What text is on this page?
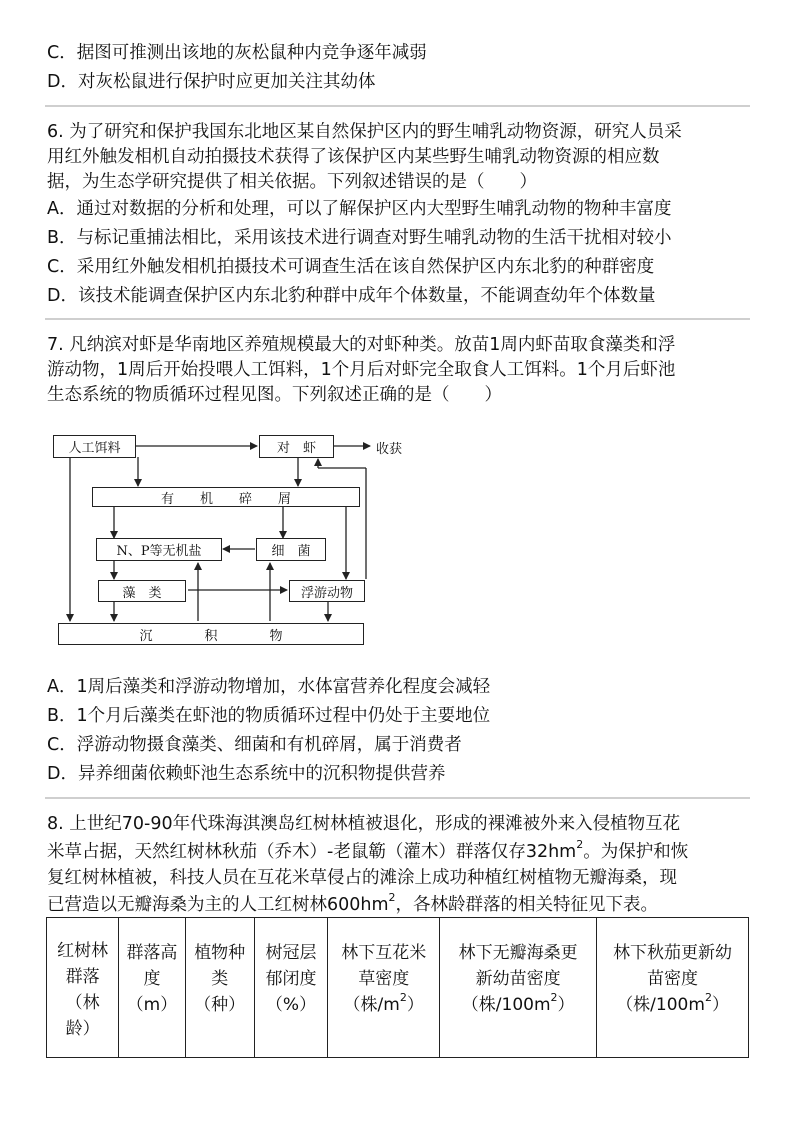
C．据图可推测出该地的灰松鼠种内竞争逐年减弱
D．对灰松鼠进行保护时应更加关注其幼体
6. 为了研究和保护我国东北地区某自然保护区内的野生哺乳动物资源，研究人员采
用红外触发相机自动拍摄技术获得了该保护区内某些野生哺乳动物资源的相应数
据，为生态学研究提供了相关依据。下列叙述错误的是（　　）
A．通过对数据的分析和处理，可以了解保护区内大型野生哺乳动物的物种丰富度
B．与标记重捕法相比，采用该技术进行调查对野生哺乳动物的生活干扰相对较小
C．采用红外触发相机拍摄技术可调查生活在该自然保护区内东北豹的种群密度
D．该技术能调查保护区内东北豹种群中成年个体数量，不能调查幼年个体数量
7. 凡纳滨对虾是华南地区养殖规模最大的对虾种类。放苗1周内虾苗取食藻类和浮
游动物，1周后开始投喂人工饵料，1个月后对虾完全取食人工饵料。1个月后虾池
生态系统的物质循环过程见图。下列叙述正确的是（　　）
人工饵料	对　虾	收获
有　　机　　碎　　屑
N、P等无机盐	细　菌
藻　类	浮游动物
沉　　　　积　　　　物
A．1周后藻类和浮游动物增加，水体富营养化程度会减轻
B．1个月后藻类在虾池的物质循环过程中仍处于主要地位
C．浮游动物摄食藻类、细菌和有机碎屑，属于消费者
D．异养细菌依赖虾池生态系统中的沉积物提供营养
8. 上世纪70-90年代珠海淇澳岛红树林植被退化，形成的裸滩被外来入侵植物互花
米草占据，天然红树林秋茄（乔木）-老鼠簕（灌木）群落仅存$32hm^2$。为保护和恢
复红树林植被，科技人员在互花米草侵占的滩涂上成功种植红树植物无瓣海桑，现
已营造以无瓣海桑为主的人工红树林$600hm^2$，各林龄群落的相关特征见下表。
红树林
群落
（林
龄）

群落高
度
（m）

植物种
类
（种）

树冠层
郁闭度
（%）

林下互花米
草密度
（株$/m^2$）

林下无瓣海桑更
新幼苗密度
（株$/100m^2$）

林下秋茄更新幼
苗密度
（株$/100m^2$）
